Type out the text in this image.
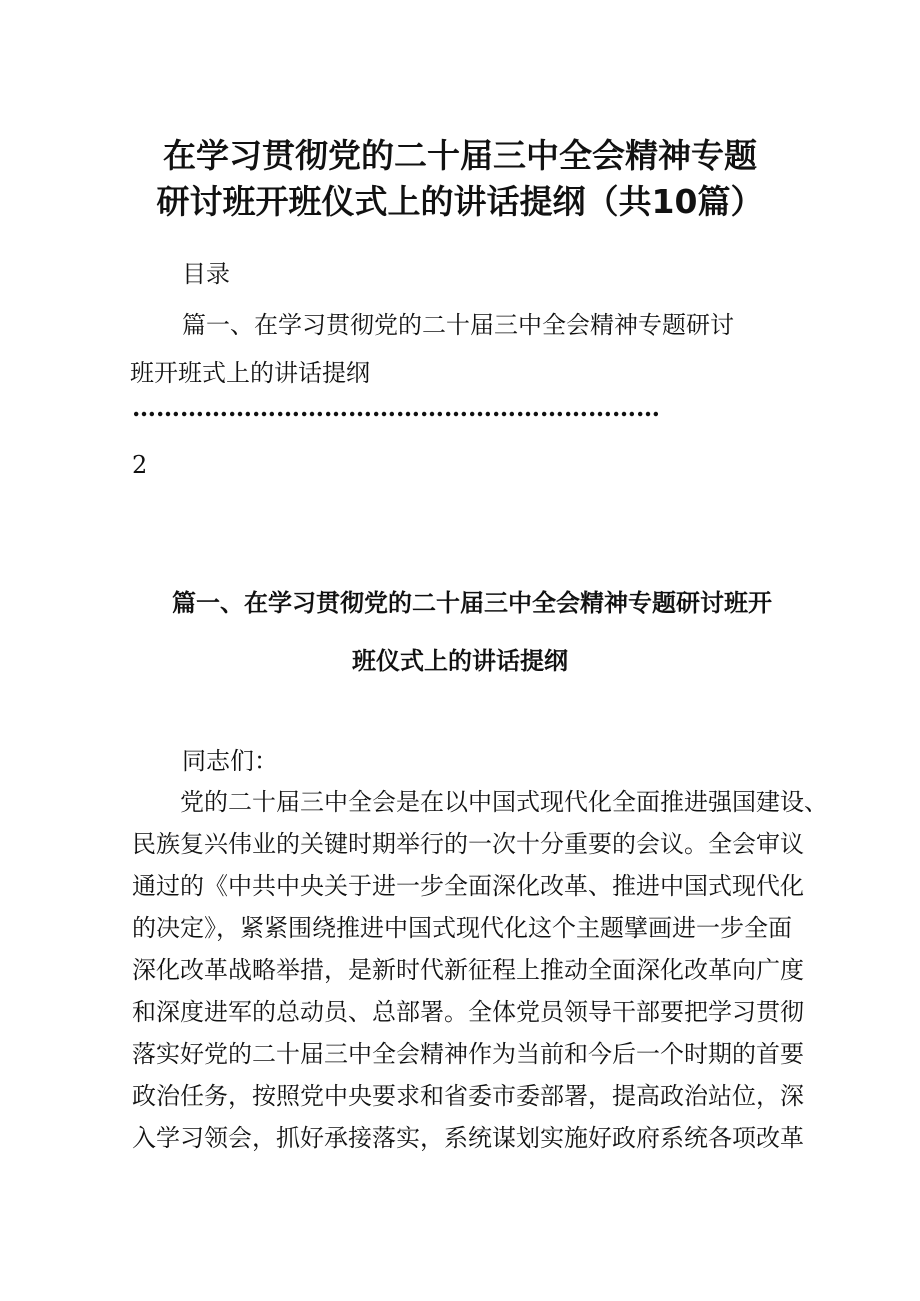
在学习贯彻党的二十届三中全会精神专题
研讨班开班仪式上的讲话提纲（共10篇）
目录
篇一、在学习贯彻党的二十届三中全会精神专题研讨
班开班式上的讲话提纲
…………………………………………………………
2
篇一、在学习贯彻党的二十届三中全会精神专题研讨班开
班仪式上的讲话提纲
同志们：
党的二十届三中全会是在以中国式现代化全面推进强国建设、
民族复兴伟业的关键时期举行的一次十分重要的会议。全会审议
通过的《中共中央关于进一步全面深化改革、推进中国式现代化
的决定》，紧紧围绕推进中国式现代化这个主题擘画进一步全面
深化改革战略举措，是新时代新征程上推动全面深化改革向广度
和深度进军的总动员、总部署。全体党员领导干部要把学习贯彻
落实好党的二十届三中全会精神作为当前和今后一个时期的首要
政治任务，按照党中央要求和省委市委部署，提高政治站位，深
入学习领会，抓好承接落实，系统谋划实施好政府系统各项改革
